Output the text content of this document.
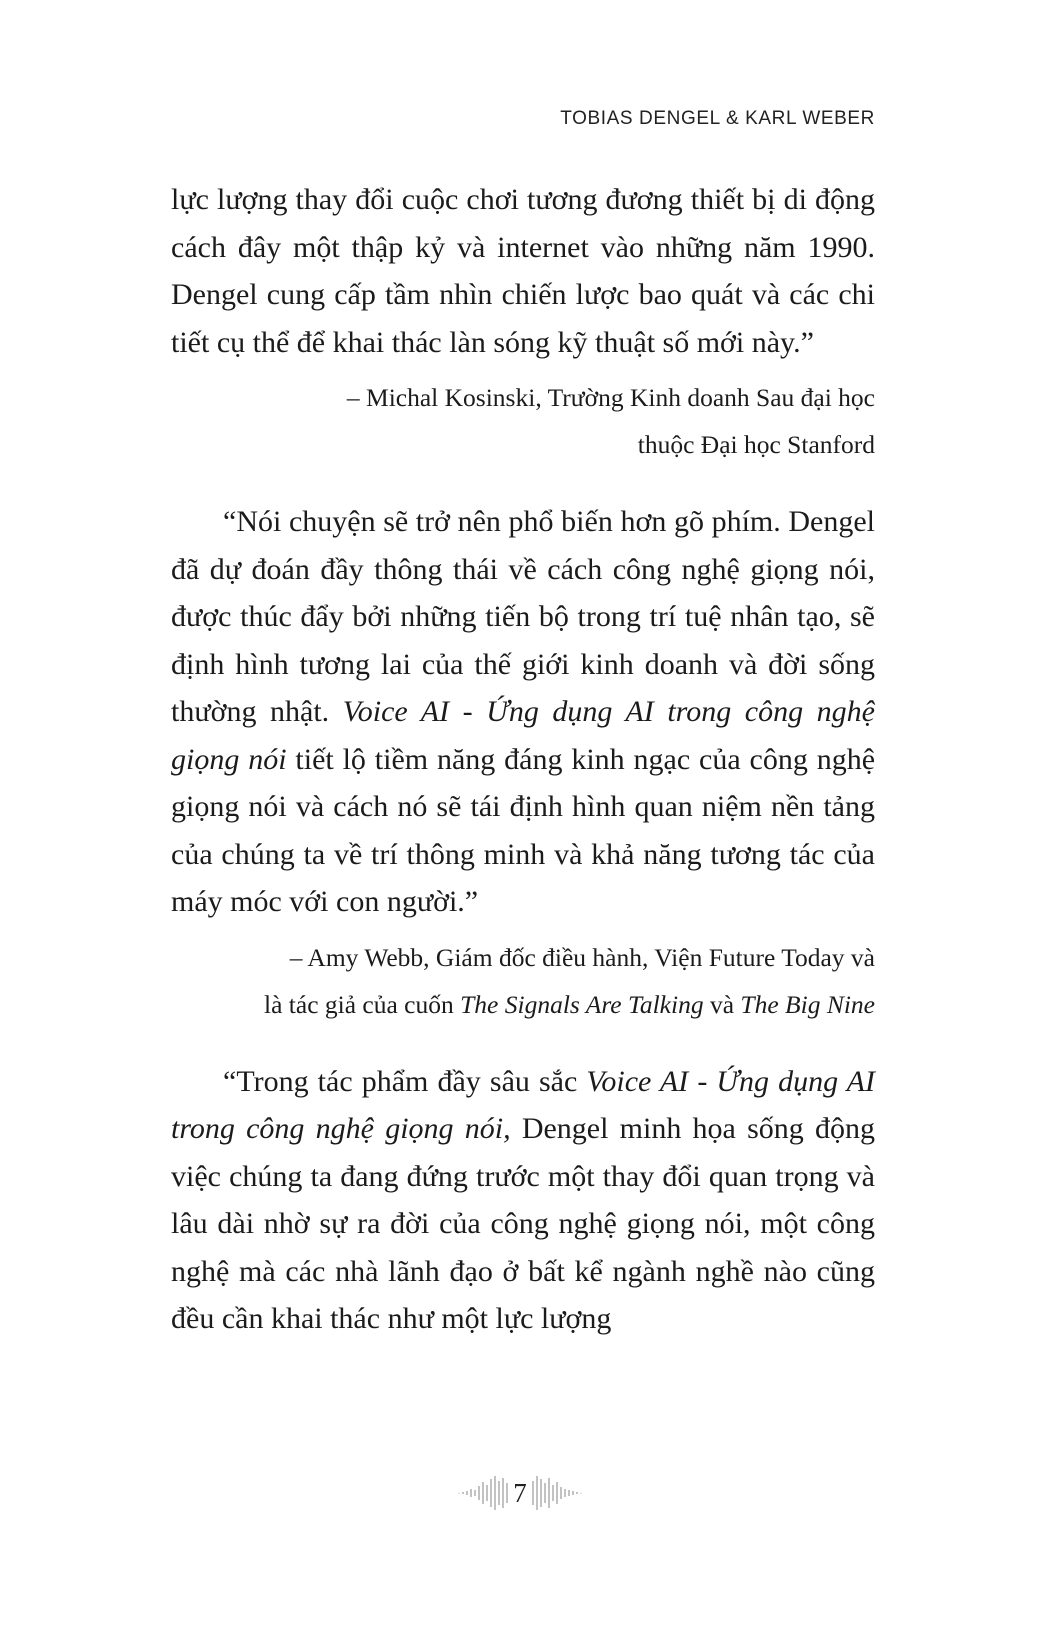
TOBIAS DENGEL & KARL WEBER

lực lượng thay đổi cuộc chơi tương đương thiết bị di động cách đây một thập kỷ và internet vào những năm 1990. Dengel cung cấp tầm nhìn chiến lược bao quát và các chi tiết cụ thể để khai thác làn sóng kỹ thuật số mới này.”

– Michal Kosinski, Trường Kinh doanh Sau đại học
thuộc Đại học Stanford

“Nói chuyện sẽ trở nên phổ biến hơn gõ phím. Dengel đã dự đoán đầy thông thái về cách công nghệ giọng nói, được thúc đẩy bởi những tiến bộ trong trí tuệ nhân tạo, sẽ định hình tương lai của thế giới kinh doanh và đời sống thường nhật. Voice AI - Ứng dụng AI trong công nghệ giọng nói tiết lộ tiềm năng đáng kinh ngạc của công nghệ giọng nói và cách nó sẽ tái định hình quan niệm nền tảng của chúng ta về trí thông minh và khả năng tương tác của máy móc với con người.”

– Amy Webb, Giám đốc điều hành, Viện Future Today và
là tác giả của cuốn The Signals Are Talking và The Big Nine

“Trong tác phẩm đầy sâu sắc Voice AI - Ứng dụng AI trong công nghệ giọng nói, Dengel minh họa sống động việc chúng ta đang đứng trước một thay đổi quan trọng và lâu dài nhờ sự ra đời của công nghệ giọng nói, một công nghệ mà các nhà lãnh đạo ở bất kể ngành nghề nào cũng đều cần khai thác như một lực lượng

7
